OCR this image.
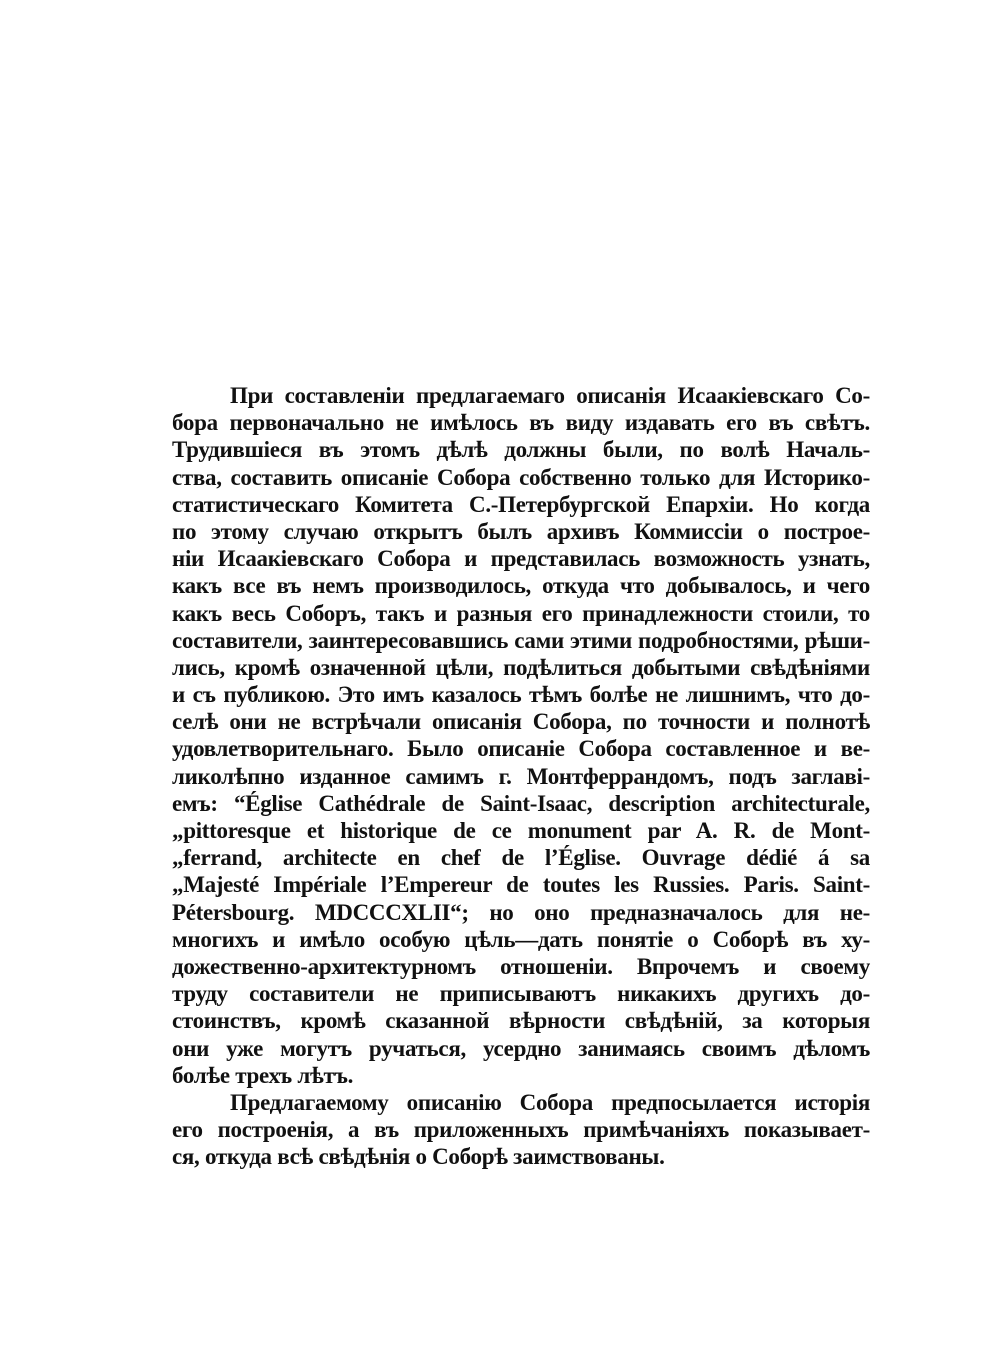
При составленіи предлагаемаго описанія Исаакіевскаго Со-
бора первоначально не имѣлось въ виду издавать его въ свѣтъ.
Трудившіеся въ этомъ дѣлѣ должны были, по волѣ Началь-
ства, составить описаніе Собора собственно только для Историко-
статистическаго Комитета С.-Петербургской Епархіи. Но когда
по этому случаю открытъ былъ архивъ Коммиссіи о построе-
ніи Исаакіевскаго Собора и представилась возможность узнать,
какъ все въ немъ производилось, откуда что добывалось, и чего
какъ весь Соборъ, такъ и разныя его принадлежности стоили, то
составители, заинтересовавшись сами этими подробностями, рѣши-
лись, кромѣ означенной цѣли, подѣлиться добытыми свѣдѣніями
и съ публикою. Это имъ казалось тѣмъ болѣе не лишнимъ, что до-
селѣ они не встрѣчали описанія Собора, по точности и полнотѣ
удовлетворительнаго. Было описаніе Собора составленное и ве-
ликолѣпно изданное самимъ г. Монтферрандомъ, подъ заглаві-
емъ: “Église Cathédrale de Saint-Isaac, description architecturale,
„pittoresque et historique de ce monument par A. R. de Mont-
„ferrand, architecte en chef de l’Église. Ouvrage dédié á sa
„Majesté Impériale l’Empereur de toutes les Russies. Paris. Saint-
Pétersbourg. MDCCCXLII“; но оно предназначалось для не-
многихъ и имѣло особую цѣль—дать понятіе о Соборѣ въ ху-
дожественно-архитектурномъ отношеніи. Впрочемъ и своему
труду составители не приписываютъ никакихъ другихъ до-
стоинствъ, кромѣ сказанной вѣрности свѣдѣній, за которыя
они уже могутъ ручаться, усердно занимаясь своимъ дѣломъ
болѣе трехъ лѣтъ.
Предлагаемому описанію Собора предпосылается исторія
его построенія, а въ приложенныхъ примѣчаніяхъ показывает-
ся, откуда всѣ свѣдѣнія о Соборѣ заимствованы.
